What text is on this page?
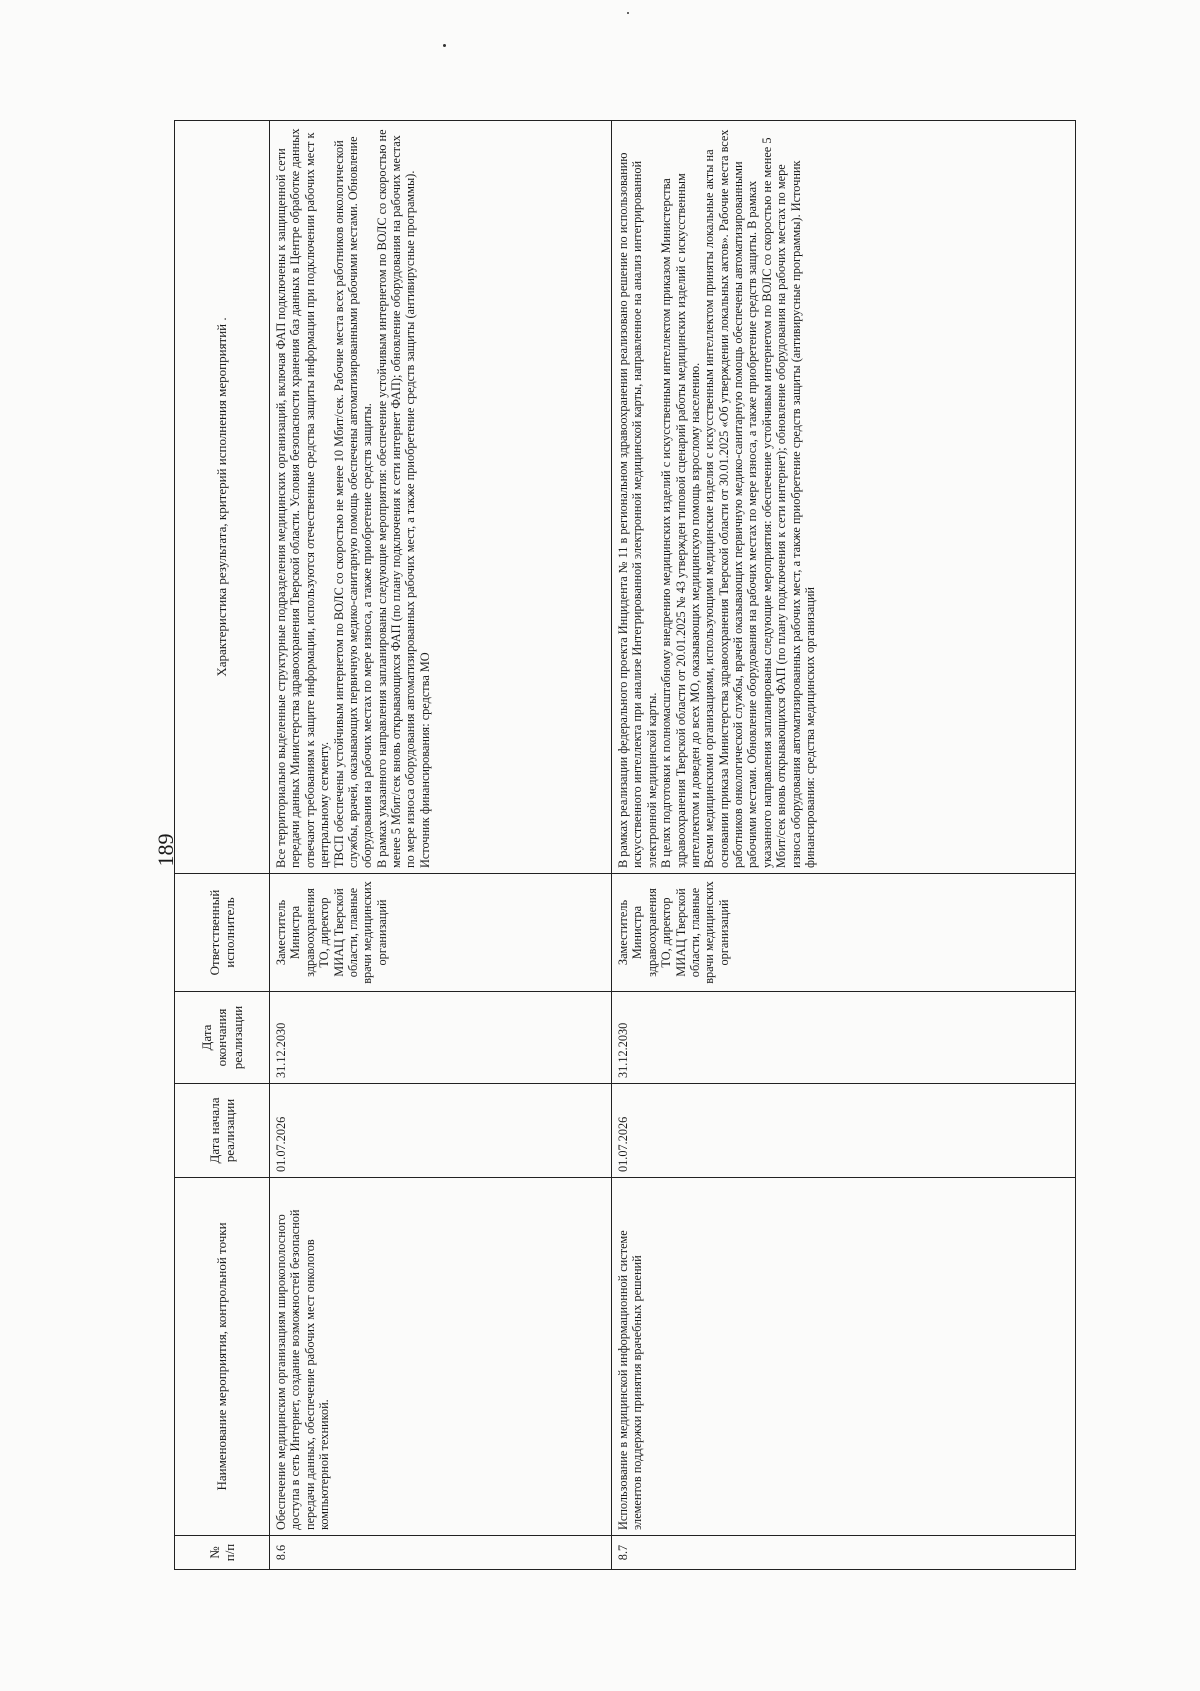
189
№ п/п	Наименование мероприятия, контрольной точки	Дата начала реализации	Дата окончания реализации	Ответственный исполнитель	Характеристика результата, критерий исполнения мероприятий .
8.6	Обеспечение медицинским организациям широкополосного доступа в сеть Интернет, создание возможностей безопасной передачи данных, обеспечение рабочих мест онкологов компьютерной техникой.	01.07.2026	31.12.2030	Заместитель Министра здравоохранения ТО, директор МИАЦ Тверской области, главные врачи медицинских организаций	Все территориально выделенные структурные подразделения медицинских организаций, включая ФАП подключены к защищенной сети передачи данных Министерства здравоохранения Тверской области. Условия безопасности хранения баз данных в Центре обработке данных отвечают требованиям к защите информации, используются отечественные средства защиты информации при подключении рабочих мест к центральному сегменту. ТВСП обеспечены устойчивым интернетом по ВОЛС со скоростью не менее 10 Мбит/сек. Рабочие места всех работников онкологической службы, врачей, оказывающих первичную медико-санитарную помощь обеспечены автоматизированными рабочими местами. Обновление оборудования на рабочих местах по мере износа, а также приобретение средств защиты. В рамках указанного направления запланированы следующие мероприятия: обеспечение устойчивым интернетом по ВОЛС со скоростью не менее 5 Мбит/сек вновь открывающихся ФАП (по плану подключения к сети интернет ФАП); обновление оборудования на рабочих местах по мере износа оборудования автоматизированных рабочих мест, а также приобретение средств защиты (антивирусные программы). Источник финансирования: средства МО

8.7	Использование в медицинской информационной системе элементов поддержки принятия врачебных решений	01.07.2026	31.12.2030	Заместитель Министра здравоохранения ТО, директор МИАЦ Тверской области, главные врачи медицинских организаций	В рамках реализации федерального проекта Инцидента № 11 в региональном здравоохранении реализовано решение по использованию искусственного интеллекта при анализе Интегрированной электронной медицинской карты, направленное на анализ интегрированной электронной медицинской карты. В целях подготовки к полномасштабному внедрению медицинских изделий с искусственным интеллектом приказом Министерства здравоохранения Тверской области от 20.01.2025 № 43 утвержден типовой сценарий работы медицинских изделий с искусственным интеллектом и доведен до всех МО, оказывающих медицинскую помощь взрослому населению. Всеми медицинскими организациями, использующими медицинские изделия с искусственным интеллектом приняты локальные акты на основании приказа Министерства здравоохранения Тверской области от 30.01.2025 «Об утверждении локальных актов». Рабочие места всех работников онкологической службы, врачей оказывающих первичную медико-санитарную помощь обеспечены автоматизированными рабочими местами. Обновление оборудования на рабочих местах по мере износа, а также приобретение средств защиты. В рамках указанного направления запланированы следующие мероприятия: обеспечение устойчивым интернетом по ВОЛС со скоростью не менее 5 Мбит/сек вновь открывающихся ФАП (по плану подключения к сети интернет); обновление оборудования на рабочих местах по мере износа оборудования автоматизированных рабочих мест, а также приобретение средств защиты (антивирусные программы). Источник финансирования: средства медицинских организаций
